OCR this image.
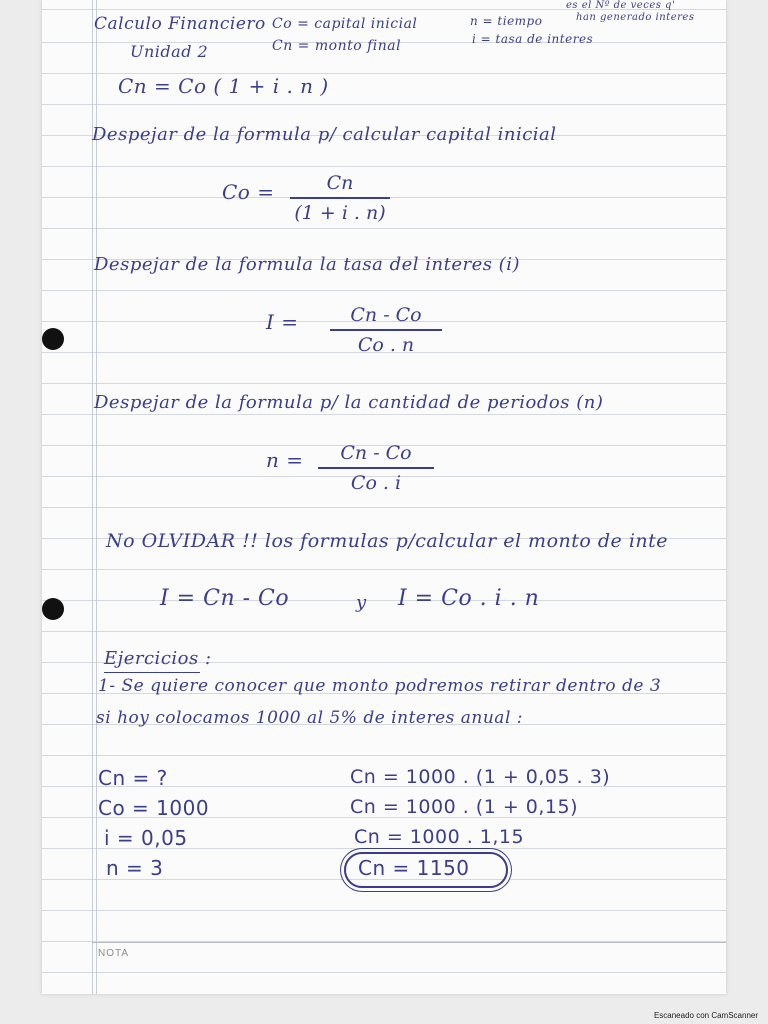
Calculo Financiero
Unidad 2
Co = capital inicial
Cn = monto final
n = tiempo
i = tasa de interes
es el Nº de veces q'
han generado interes
Cn = Co ( 1 + i . n )
Despejar de la formula p/ calcular capital inicial
Co =	Cn
(1 + i . n)
Despejar de la formula la tasa del interes (i)
I =	Cn - Co
Co . n
Despejar de la formula p/ la cantidad de periodos (n)
n =	Cn - Co
Co . i
No OLVIDAR !! los formulas p/calcular el monto de inte
I = Cn - Co	y I = Co . i . n
Ejercicios :
1- Se quiere conocer que monto podremos retirar dentro de 3
si hoy colocamos 1000 al 5% de interes anual :
Cn = ?
Co = 1000
i = 0,05
n = 3
Cn = 1000 . (1 + 0,05 . 3)
Cn = 1000 . (1 + 0,15)
Cn = 1000 . 1,15
Cn = 1150
NOTA
Escaneado con CamScanner
